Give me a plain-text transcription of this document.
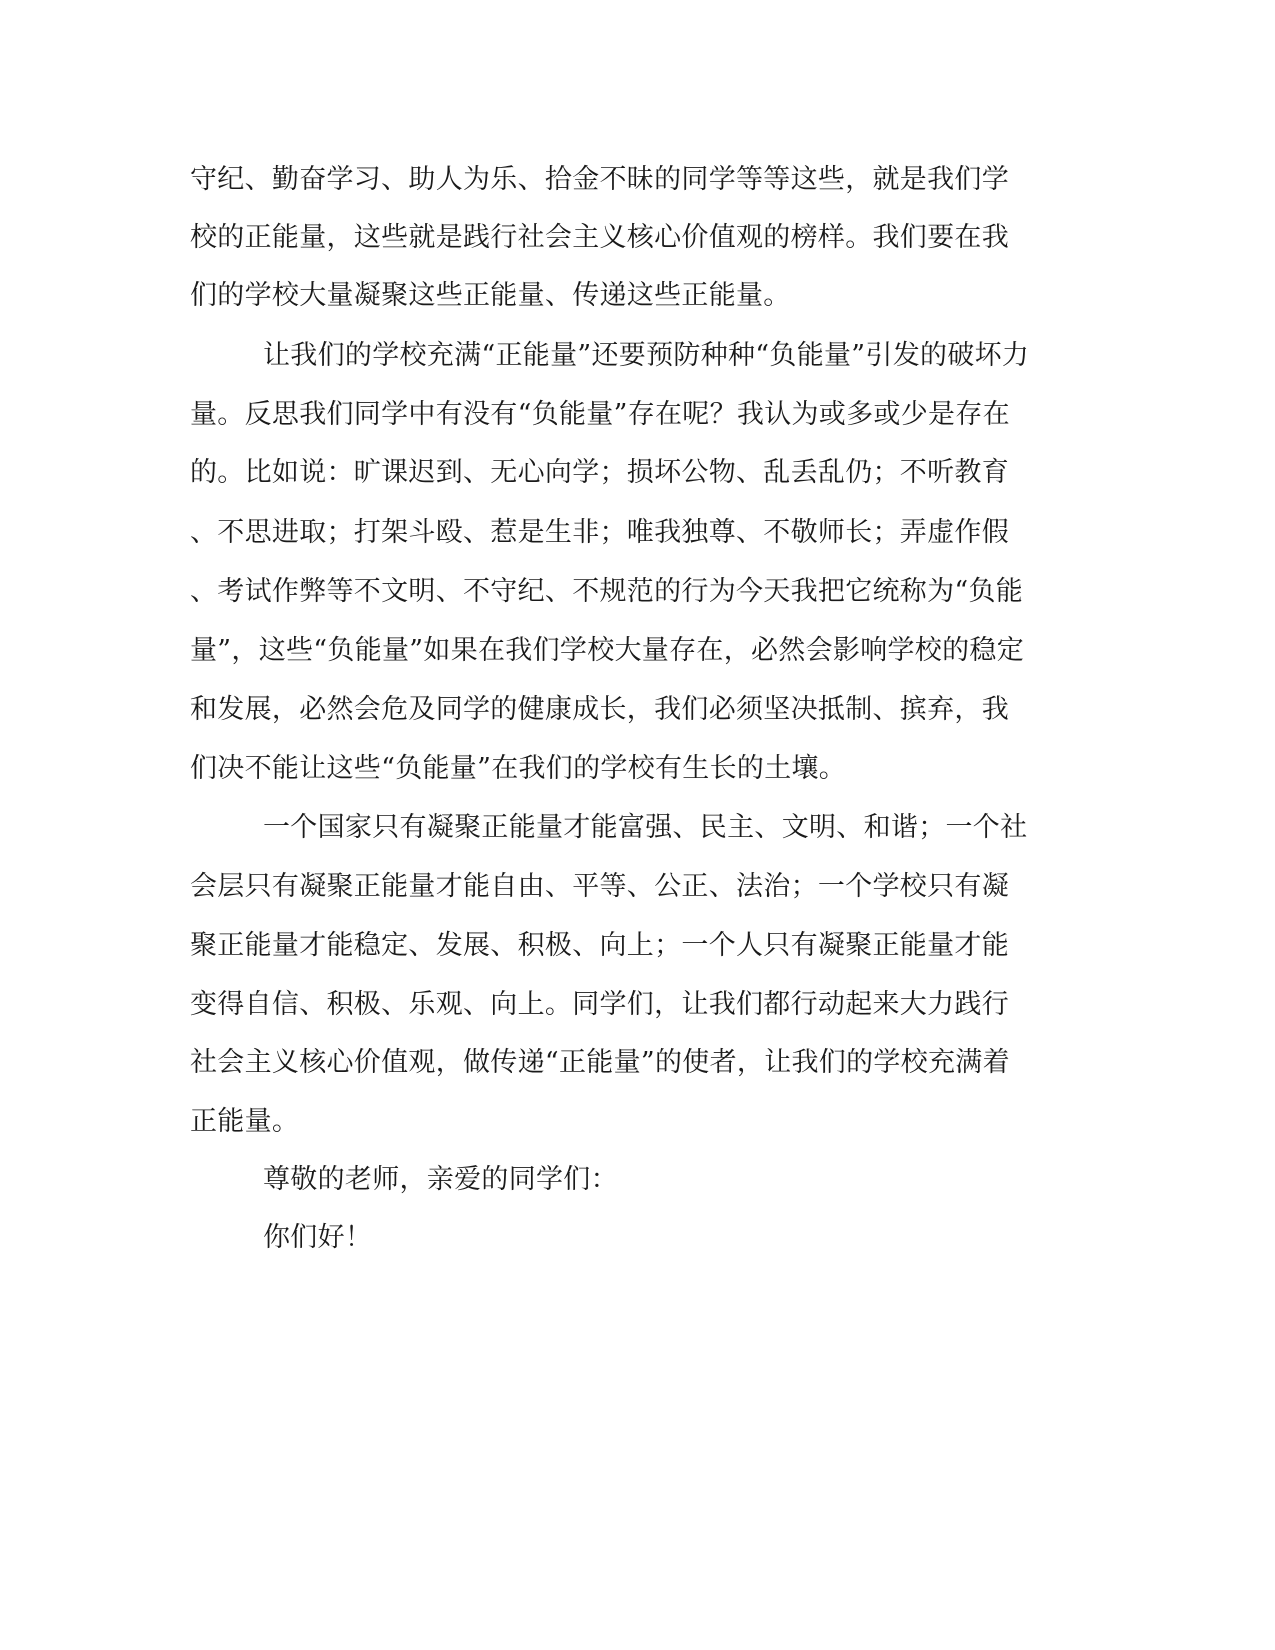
守纪、勤奋学习、助人为乐、拾金不昧的同学等等这些，就是我们学
校的正能量，这些就是践行社会主义核心价值观的榜样。我们要在我
们的学校大量凝聚这些正能量、传递这些正能量。
让我们的学校充满“正能量”还要预防种种“负能量”引发的破坏力
量。反思我们同学中有没有“负能量”存在呢？我认为或多或少是存在
的。比如说：旷课迟到、无心向学；损坏公物、乱丢乱仍；不听教育
、不思进取；打架斗殴、惹是生非；唯我独尊、不敬师长；弄虚作假
、考试作弊等不文明、不守纪、不规范的行为今天我把它统称为“负能
量”，这些“负能量”如果在我们学校大量存在，必然会影响学校的稳定
和发展，必然会危及同学的健康成长，我们必须坚决抵制、摈弃，我
们决不能让这些“负能量”在我们的学校有生长的土壤。
一个国家只有凝聚正能量才能富强、民主、文明、和谐；一个社
会层只有凝聚正能量才能自由、平等、公正、法治；一个学校只有凝
聚正能量才能稳定、发展、积极、向上；一个人只有凝聚正能量才能
变得自信、积极、乐观、向上。同学们，让我们都行动起来大力践行
社会主义核心价值观，做传递“正能量”的使者，让我们的学校充满着
正能量。
尊敬的老师，亲爱的同学们：
你们好！
